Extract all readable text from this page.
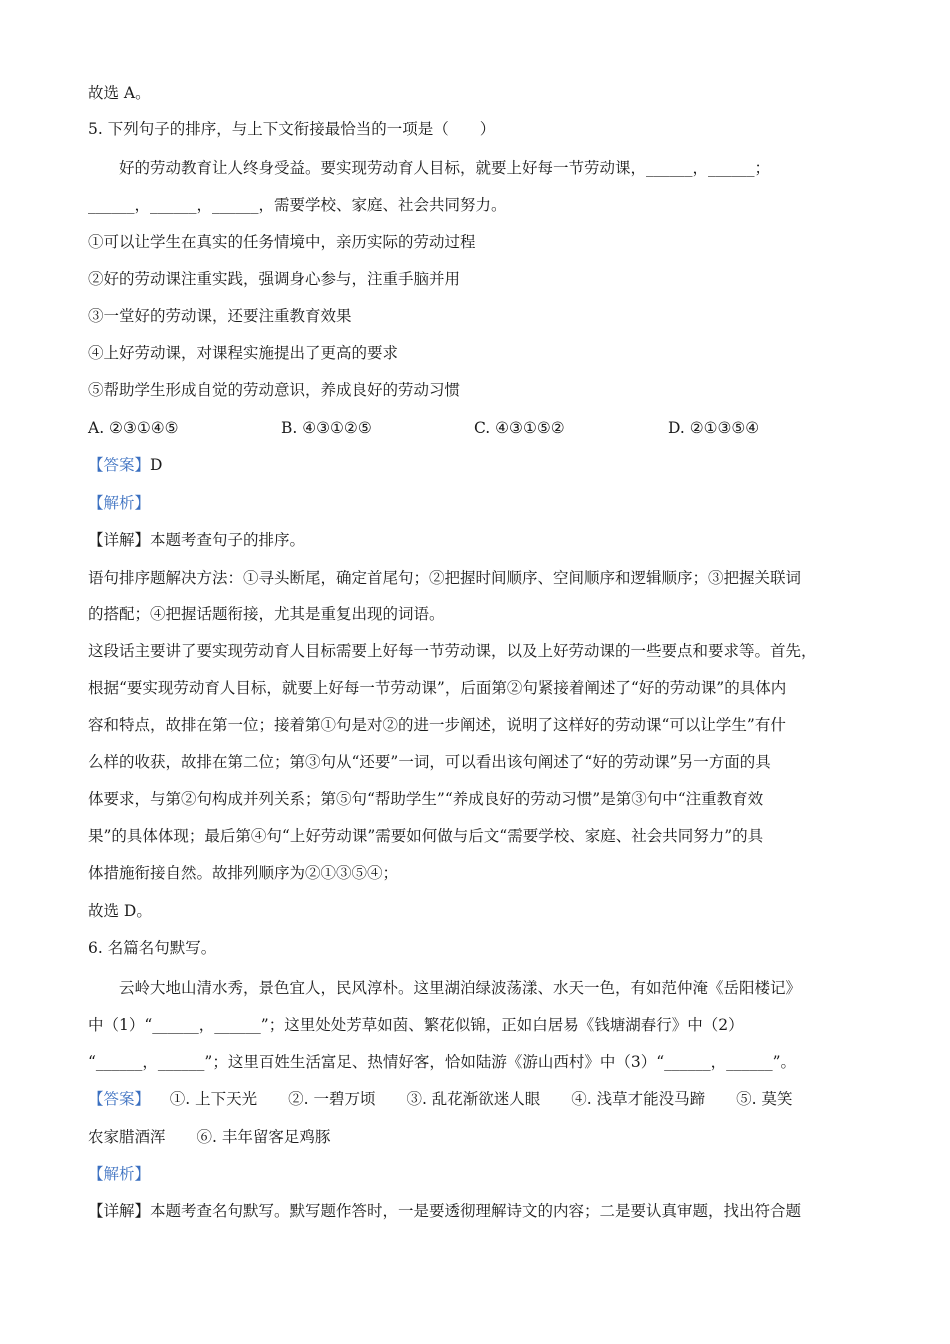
故选 A。
5. 下列句子的排序，与上下文衔接最恰当的一项是（　　）
好的劳动教育让人终身受益。要实现劳动育人目标，就要上好每一节劳动课，______，______；
______，______，______，需要学校、家庭、社会共同努力。
①可以让学生在真实的任务情境中，亲历实际的劳动过程
②好的劳动课注重实践，强调身心参与，注重手脑并用
③一堂好的劳动课，还要注重教育效果
④上好劳动课，对课程实施提出了更高的要求
⑤帮助学生形成自觉的劳动意识，养成良好的劳动习惯
A. ②③①④⑤	B. ④③①②⑤	C. ④③①⑤②	D. ②①③⑤④
【答案】D
【解析】
【详解】本题考查句子的排序。
语句排序题解决方法：①寻头断尾，确定首尾句；②把握时间顺序、空间顺序和逻辑顺序；③把握关联词
的搭配；④把握话题衔接，尤其是重复出现的词语。
这段话主要讲了要实现劳动育人目标需要上好每一节劳动课，以及上好劳动课的一些要点和要求等。首先，
根据“要实现劳动育人目标，就要上好每一节劳动课”，后面第②句紧接着阐述了“好的劳动课”的具体内
容和特点，故排在第一位；接着第①句是对②的进一步阐述，说明了这样好的劳动课“可以让学生”有什
么样的收获，故排在第二位；第③句从“还要”一词，可以看出该句阐述了“好的劳动课”另一方面的具
体要求，与第②句构成并列关系；第⑤句“帮助学生”“养成良好的劳动习惯”是第③句中“注重教育效
果”的具体体现；最后第④句“上好劳动课”需要如何做与后文“需要学校、家庭、社会共同努力”的具
体措施衔接自然。故排列顺序为②①③⑤④；
故选 D。
6. 名篇名句默写。
云岭大地山清水秀，景色宜人，民风淳朴。这里湖泊绿波荡漾、水天一色，有如范仲淹《岳阳楼记》
中（1）“______，______”；这里处处芳草如茵、繁花似锦，正如白居易《钱塘湖春行》中（2）
“______，______”；这里百姓生活富足、热情好客，恰如陆游《游山西村》中（3）“______，______”。
【答案】 ①. 上下天光　　②. 一碧万顷　　③. 乱花渐欲迷人眼　　④. 浅草才能没马蹄　　⑤. 莫笑
农家腊酒浑　　⑥. 丰年留客足鸡豚
【解析】
【详解】本题考查名句默写。默写题作答时，一是要透彻理解诗文的内容；二是要认真审题，找出符合题
